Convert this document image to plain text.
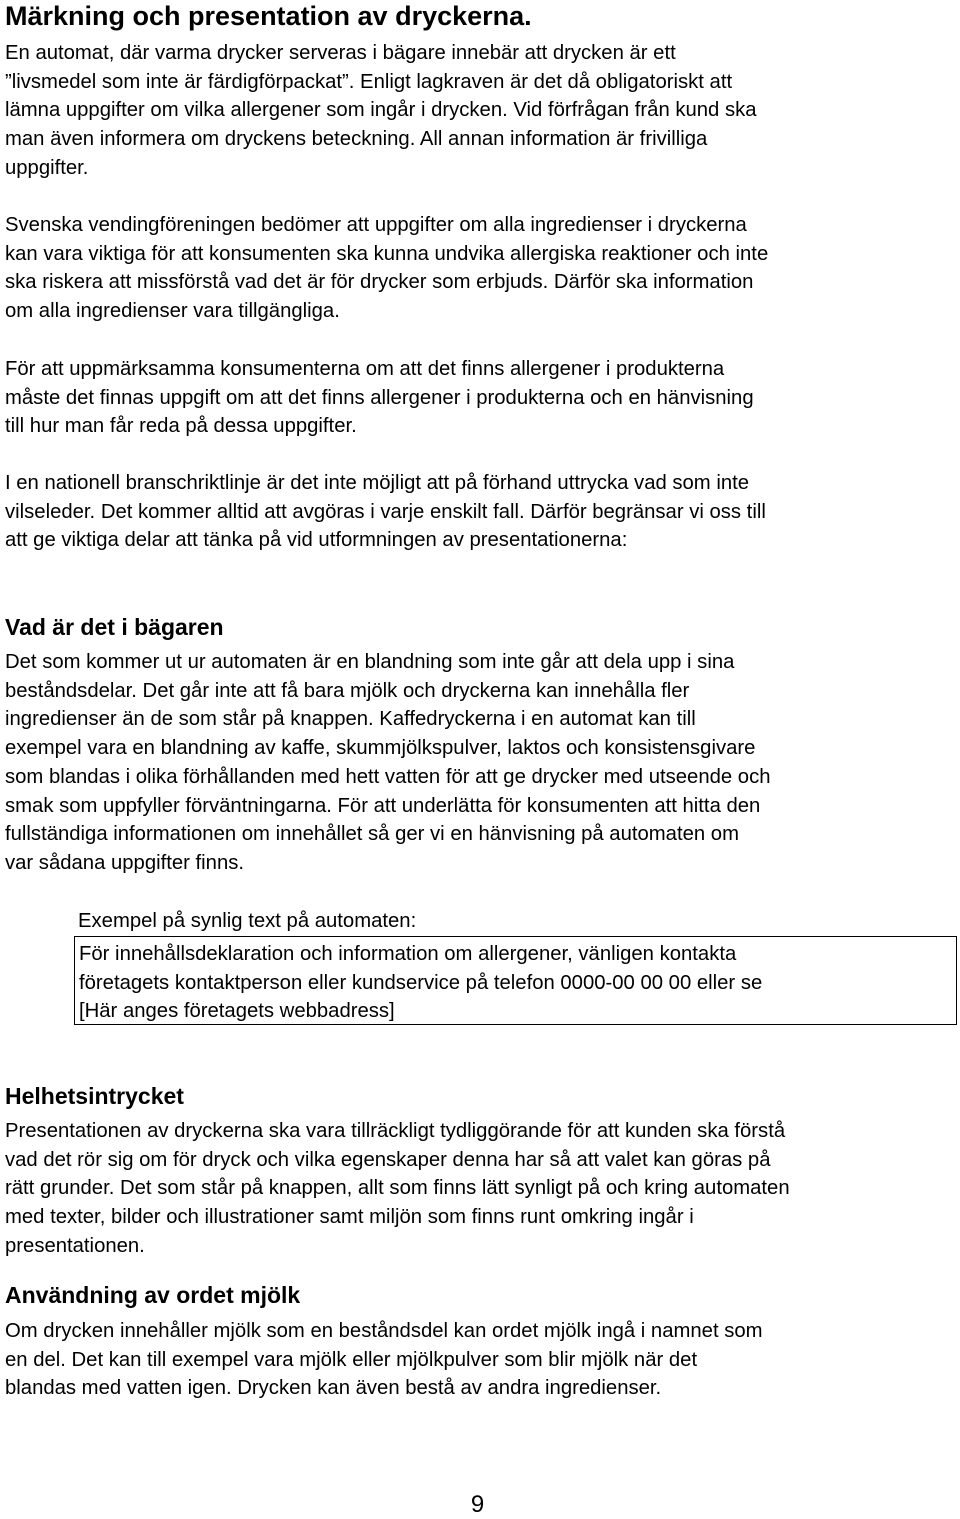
Märkning och presentation av dryckerna.

En automat, där varma drycker serveras i bägare innebär att drycken är ett
”livsmedel som inte är färdigförpackat”. Enligt lagkraven är det då obligatoriskt att
lämna uppgifter om vilka allergener som ingår i drycken. Vid förfrågan från kund ska
man även informera om dryckens beteckning. All annan information är frivilliga
uppgifter.

Svenska vendingföreningen bedömer att uppgifter om alla ingredienser i dryckerna
kan vara viktiga för att konsumenten ska kunna undvika allergiska reaktioner och inte
ska riskera att missförstå vad det är för drycker som erbjuds. Därför ska information
om alla ingredienser vara tillgängliga.

För att uppmärksamma konsumenterna om att det finns allergener i produkterna
måste det finnas uppgift om att det finns allergener i produkterna och en hänvisning
till hur man får reda på dessa uppgifter.

I en nationell branschriktlinje är det inte möjligt att på förhand uttrycka vad som inte
vilseleder. Det kommer alltid att avgöras i varje enskilt fall. Därför begränsar vi oss till
att ge viktiga delar att tänka på vid utformningen av presentationerna:

Vad är det i bägaren

Det som kommer ut ur automaten är en blandning som inte går att dela upp i sina
beståndsdelar. Det går inte att få bara mjölk och dryckerna kan innehålla fler
ingredienser än de som står på knappen. Kaffedryckerna i en automat kan till
exempel vara en blandning av kaffe, skummjölkspulver, laktos och konsistensgivare
som blandas i olika förhållanden med hett vatten för att ge drycker med utseende och
smak som uppfyller förväntningarna. För att underlätta för konsumenten att hitta den
fullständiga informationen om innehållet så ger vi en hänvisning på automaten om
var sådana uppgifter finns.

Exempel på synlig text på automaten:

För innehållsdeklaration och information om allergener, vänligen kontakta
företagets kontaktperson eller kundservice på telefon 0000-00 00 00 eller se
[Här anges företagets webbadress]
Helhetsintrycket

Presentationen av dryckerna ska vara tillräckligt tydliggörande för att kunden ska förstå
vad det rör sig om för dryck och vilka egenskaper denna har så att valet kan göras på
rätt grunder. Det som står på knappen, allt som finns lätt synligt på och kring automaten
med texter, bilder och illustrationer samt miljön som finns runt omkring ingår i
presentationen.

Användning av ordet mjölk

Om drycken innehåller mjölk som en beståndsdel kan ordet mjölk ingå i namnet som
en del. Det kan till exempel vara mjölk eller mjölkpulver som blir mjölk när det
blandas med vatten igen. Drycken kan även bestå av andra ingredienser.

9
